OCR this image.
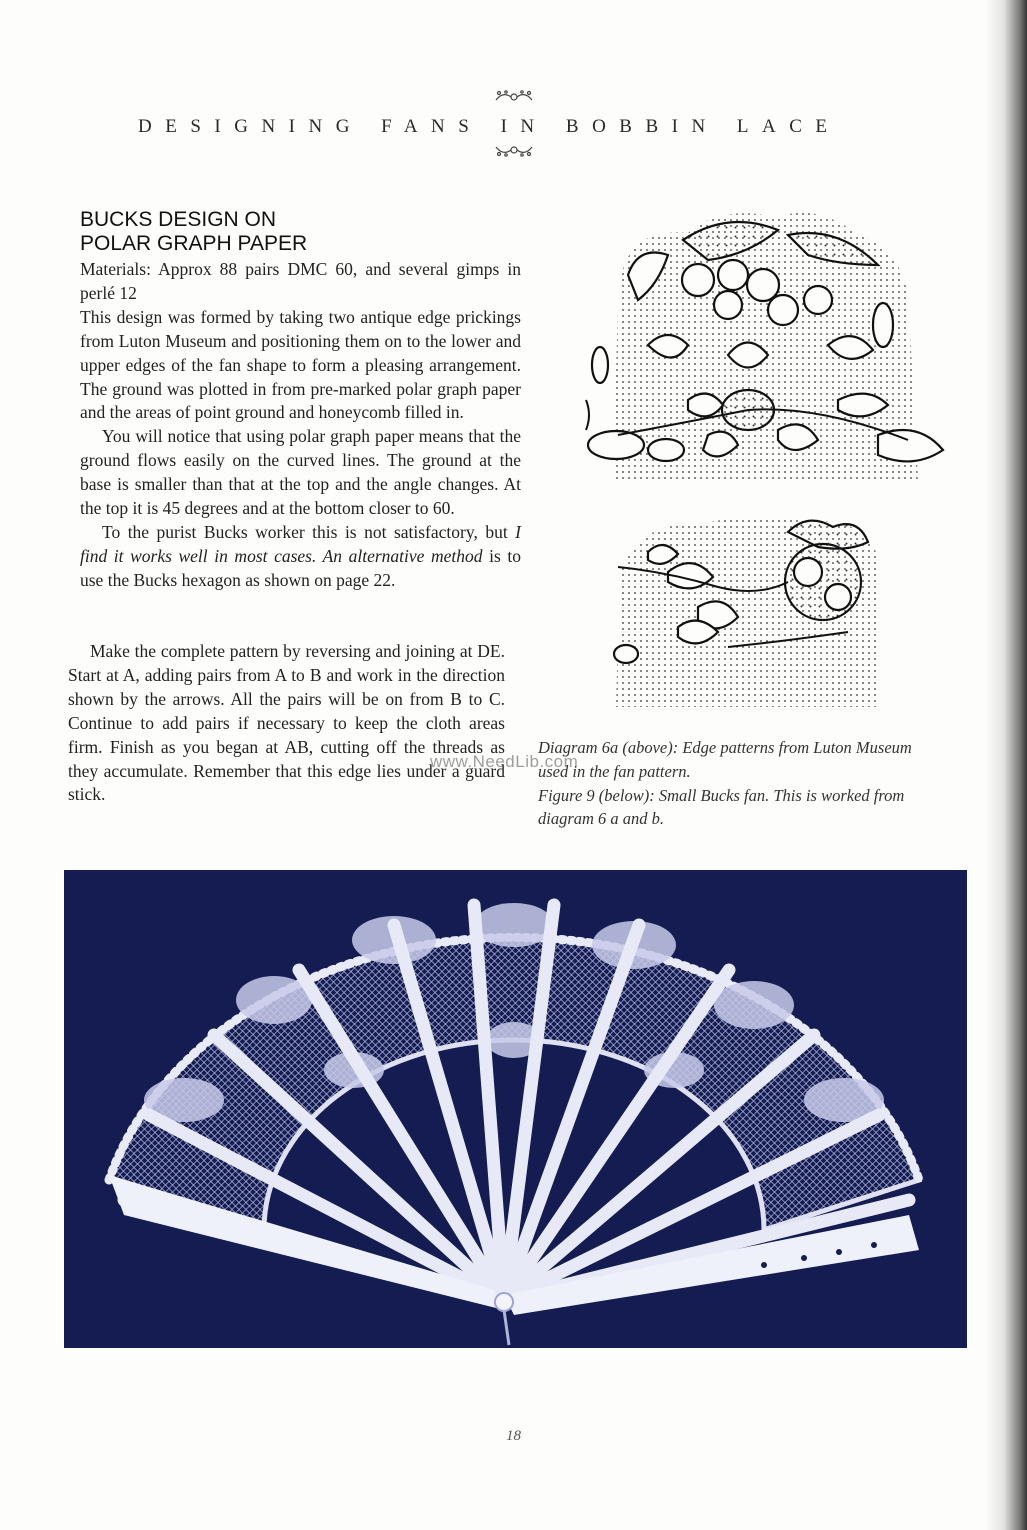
DESIGNING FANS IN BOBBIN LACE
BUCKS DESIGN ON
POLAR GRAPH PAPER

Materials: Approx 88 pairs DMC 60, and several gimps in perlé 12

This design was formed by taking two antique edge prickings from Luton Museum and positioning them on to the lower and upper edges of the fan shape to form a pleasing arrangement. The ground was plotted in from pre-marked polar graph paper and the areas of point ground and honeycomb filled in.

You will notice that using polar graph paper means that the ground flows easily on the curved lines. The ground at the base is smaller than that at the top and the angle changes. At the top it is 45 degrees and at the bottom closer to 60.

To the purist Bucks worker this is not satisfactory, but I find it works well in most cases. An alternative method is to use the Bucks hexagon as shown on page 22.

Make the complete pattern by reversing and joining at DE. Start at A, adding pairs from A to B and work in the direction shown by the arrows. All the pairs will be on from B to C. Continue to add pairs if necessary to keep the cloth areas firm. Finish as you began at AB, cutting off the threads as they accumulate. Remember that this edge lies under a guard stick.

Diagram 6a (above): Edge patterns from Luton Museum used in the fan pattern.

Figure 9 (below): Small Bucks fan. This is worked from diagram 6 a and b.

www.NeedLib.com
18
